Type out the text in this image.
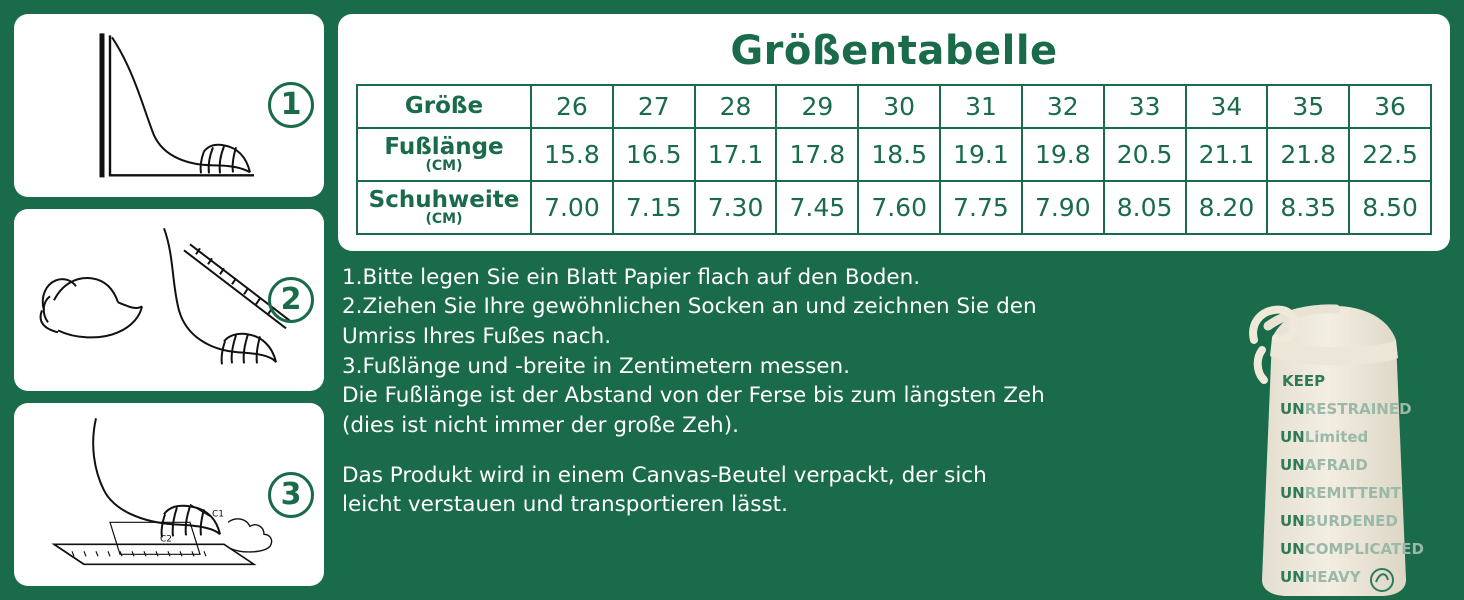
1
2
C1
C2
3
Größentabelle
Größe	26	27	28	29	30	31	32	33	34	35	36
Fußlänge
(CM)	15.8	16.5	17.1	17.8	18.5	19.1	19.8	20.5	21.1	21.8	22.5
Schuhweite
(CM)	7.00	7.15	7.30	7.45	7.60	7.75	7.90	8.05	8.20	8.35	8.50

1.Bitte legen Sie ein Blatt Papier flach auf den Boden.

2.Ziehen Sie Ihre gewöhnlichen Socken an und zeichnen Sie den

Umriss Ihres Fußes nach.

3.Fußlänge und -breite in Zentimetern messen.

Die Fußlänge ist der Abstand von der Ferse bis zum längsten Zeh

(dies ist nicht immer der große Zeh).

Das Produkt wird in einem Canvas-Beutel verpackt, der sich

leicht verstauen und transportieren lässt.

KEEP
UNRESTRAINED
UNLimited
UNAFRAID
UNREMITTENT
UNBURDENED
UNCOMPLICATED
UNHEAVY
